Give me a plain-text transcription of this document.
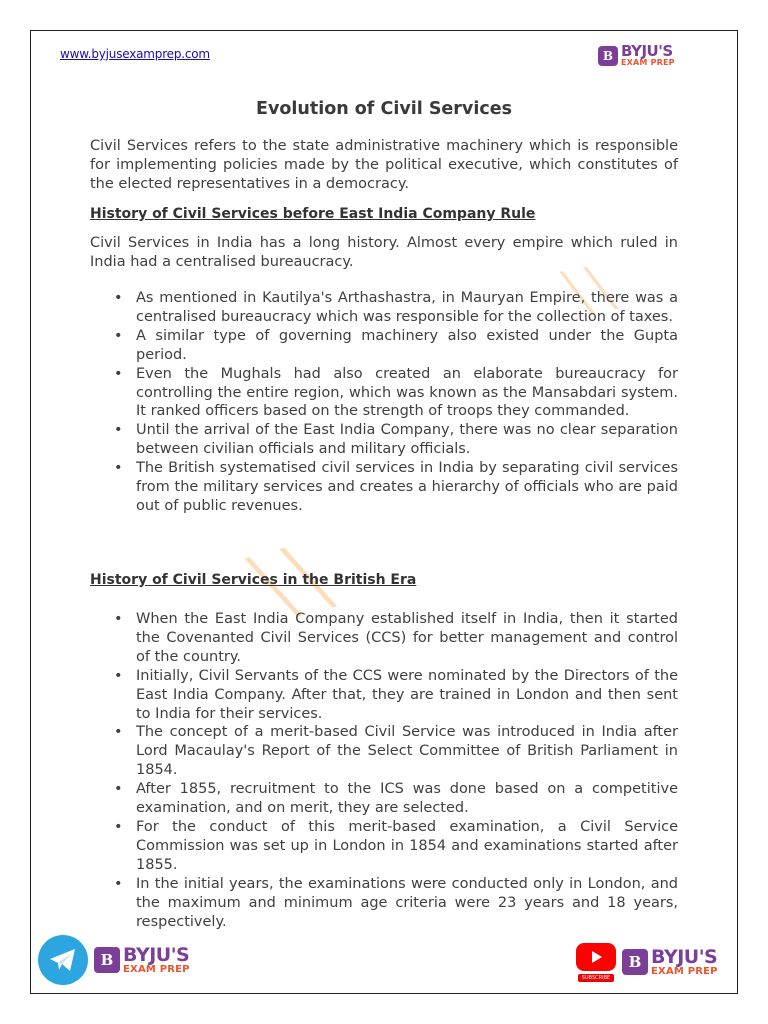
╲╲
╲╲
www.byjusexamprep.com	B BYJU'S
EXAM PREP
Evolution of Civil Services
Civil Services refers to the state administrative machinery which is responsible for implementing policies made by the political executive, which constitutes of the elected representatives in a democracy.
History of Civil Services before East India Company Rule
Civil Services in India has a long history. Almost every empire which ruled in India had a centralised bureaucracy.
• As mentioned in Kautilya's Arthashastra, in Mauryan Empire, there was a centralised bureaucracy which was responsible for the collection of taxes.
• A similar type of governing machinery also existed under the Gupta period.
• Even the Mughals had also created an elaborate bureaucracy for controlling the entire region, which was known as the Mansabdari system. It ranked officers based on the strength of troops they commanded.
• Until the arrival of the East India Company, there was no clear separation between civilian officials and military officials.
• The British systematised civil services in India by separating civil services from the military services and creates a hierarchy of officials who are paid out of public revenues.
History of Civil Services in the British Era
• When the East India Company established itself in India, then it started the Covenanted Civil Services (CCS) for better management and control of the country.
• Initially, Civil Servants of the CCS were nominated by the Directors of the East India Company. After that, they are trained in London and then sent to India for their services.
• The concept of a merit-based Civil Service was introduced in India after Lord Macaulay's Report of the Select Committee of British Parliament in 1854.
• After 1855, recruitment to the ICS was done based on a competitive examination, and on merit, they are selected.
• For the conduct of this merit-based examination, a Civil Service Commission was set up in London in 1854 and examinations started after 1855.
• In the initial years, the examinations were conducted only in London, and the maximum and minimum age criteria were 23 years and 18 years, respectively.
B BYJU'S
EXAM PREP
SUBSCRIBE
B BYJU'S
EXAM PREP
